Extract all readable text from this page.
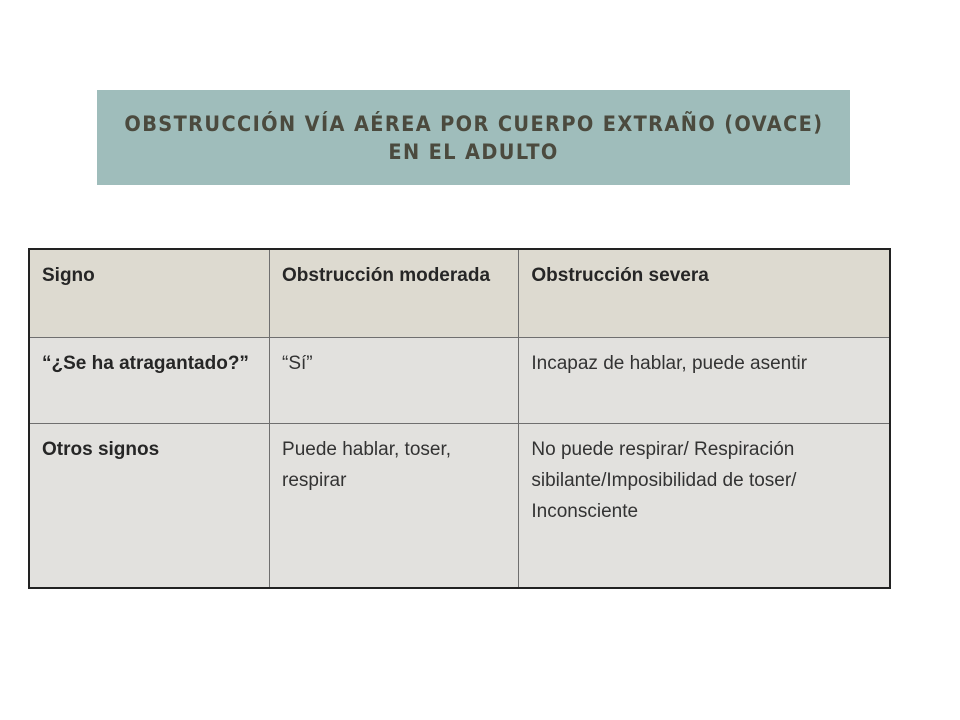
OBSTRUCCIÓN VÍA AÉREA POR CUERPO EXTRAÑO (OVACE)
EN EL ADULTO
Signo	Obstrucción moderada	Obstrucción severa
“¿Se ha atragantado?”	“Sí”	Incapaz de hablar, puede asentir
Otros signos	Puede hablar, toser, respirar	No puede respirar/ Respiración sibilante/Imposibilidad de toser/ Inconsciente
